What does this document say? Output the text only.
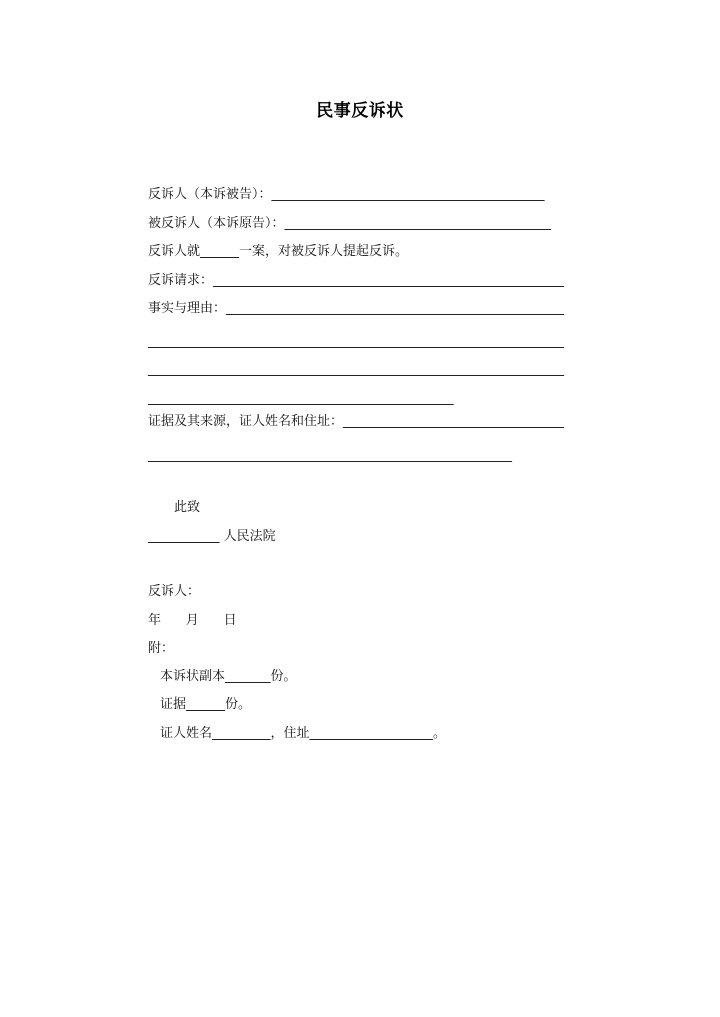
民事反诉状
反诉人（本诉被告）：__________________________________________
被反诉人（本诉原告）：_________________________________________
反诉人就______一案，对被反诉人提起反诉。
反诉请求：______________________________________________________
事实与理由：____________________________________________________
________________________________________________________________
________________________________________________________________
_______________________________________________
证据及其来源，证人姓名和住址：__________________________________
________________________________________________________
此致
___________ 人民法院
反诉人：
年      月      日
附：
本诉状副本_______份。
证据______份。
证人姓名_________，住址___________________。
